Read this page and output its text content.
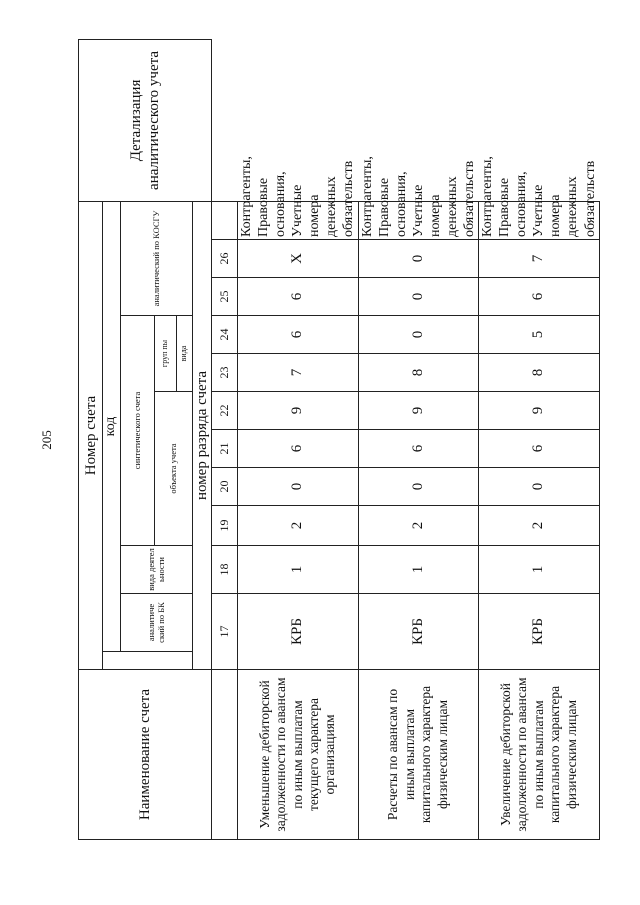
205
Наименование счета	Номер счета												Детализация аналитического учета
		код											
		аналитиче ский по БК	вида деятел ьности	синтетического счета						аналитический по КОСГУ			
				объекта учета				груп пы					
								вида					
	номер разряда счета												
	17		18	19	20	21	22	23	24	25	26		
Уменьшение дебиторской задолженности по авансам по иным выплатам текущего характера организациям	КРБ		1	2	0	6	9	7	6	6	X	Контрагенты, Правовые основания, Учетные номера денежных обязательств	
Расчеты по авансам по иным выплатам капитального характера физическим лицам	КРБ		1	2	0	6	9	8	0	0	0	Контрагенты, Правовые основания, Учетные номера денежных обязательств	
Увеличение дебиторской задолженности по авансам по иным выплатам капитального характера физическим лицам	КРБ		1	2	0	6	9	8	5	6	7	Контрагенты, Правовые основания, Учетные номера денежных обязательств	
